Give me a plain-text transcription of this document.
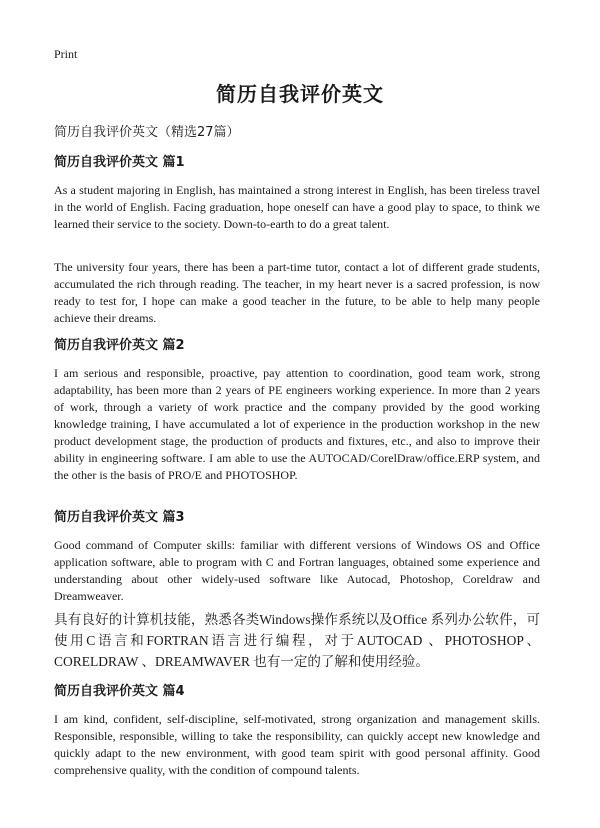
Print
简历自我评价英文
简历自我评价英文（精选27篇）
简历自我评价英文 篇1

As a student majoring in English, has maintained a strong interest in English, has been tireless travel in the world of English. Facing graduation, hope oneself can have a good play to space, to think we learned their service to the society. Down-to-earth to do a great talent.

The university four years, there has been a part-time tutor, contact a lot of different grade students, accumulated the rich through reading. The teacher, in my heart never is a sacred profession, is now ready to test for, I hope can make a good teacher in the future, to be able to help many people achieve their dreams.

简历自我评价英文 篇2

I am serious and responsible, proactive, pay attention to coordination, good team work, strong adaptability, has been more than 2 years of PE engineers working experience. In more than 2 years of work, through a variety of work practice and the company provided by the good working knowledge training, I have accumulated a lot of experience in the production workshop in the new product development stage, the production of products and fixtures, etc., and also to improve their ability in engineering software. I am able to use the AUTOCAD/CorelDraw/office.ERP system, and the other is the basis of PRO/E and PHOTOSHOP.

简历自我评价英文 篇3

Good command of Computer skills: familiar with different versions of Windows OS and Office application software, able to program with C and Fortran languages, obtained some experience and understanding about other widely-used software like Autocad, Photoshop, Coreldraw and Dreamweaver.

具有良好的计算机技能，熟悉各类Windows操作系统以及Office 系列办公软件，可使用C语言和FORTRAN语言进行编程，对于AUTOCAD 、PHOTOSHOP、CORELDRAW 、DREAMWAVER 也有一定的了解和使用经验。

简历自我评价英文 篇4

I am kind, confident, self-discipline, self-motivated, strong organization and management skills. Responsible, responsible, willing to take the responsibility, can quickly accept new knowledge and quickly adapt to the new environment, with good team spirit with good personal affinity. Good comprehensive quality, with the condition of compound talents.
